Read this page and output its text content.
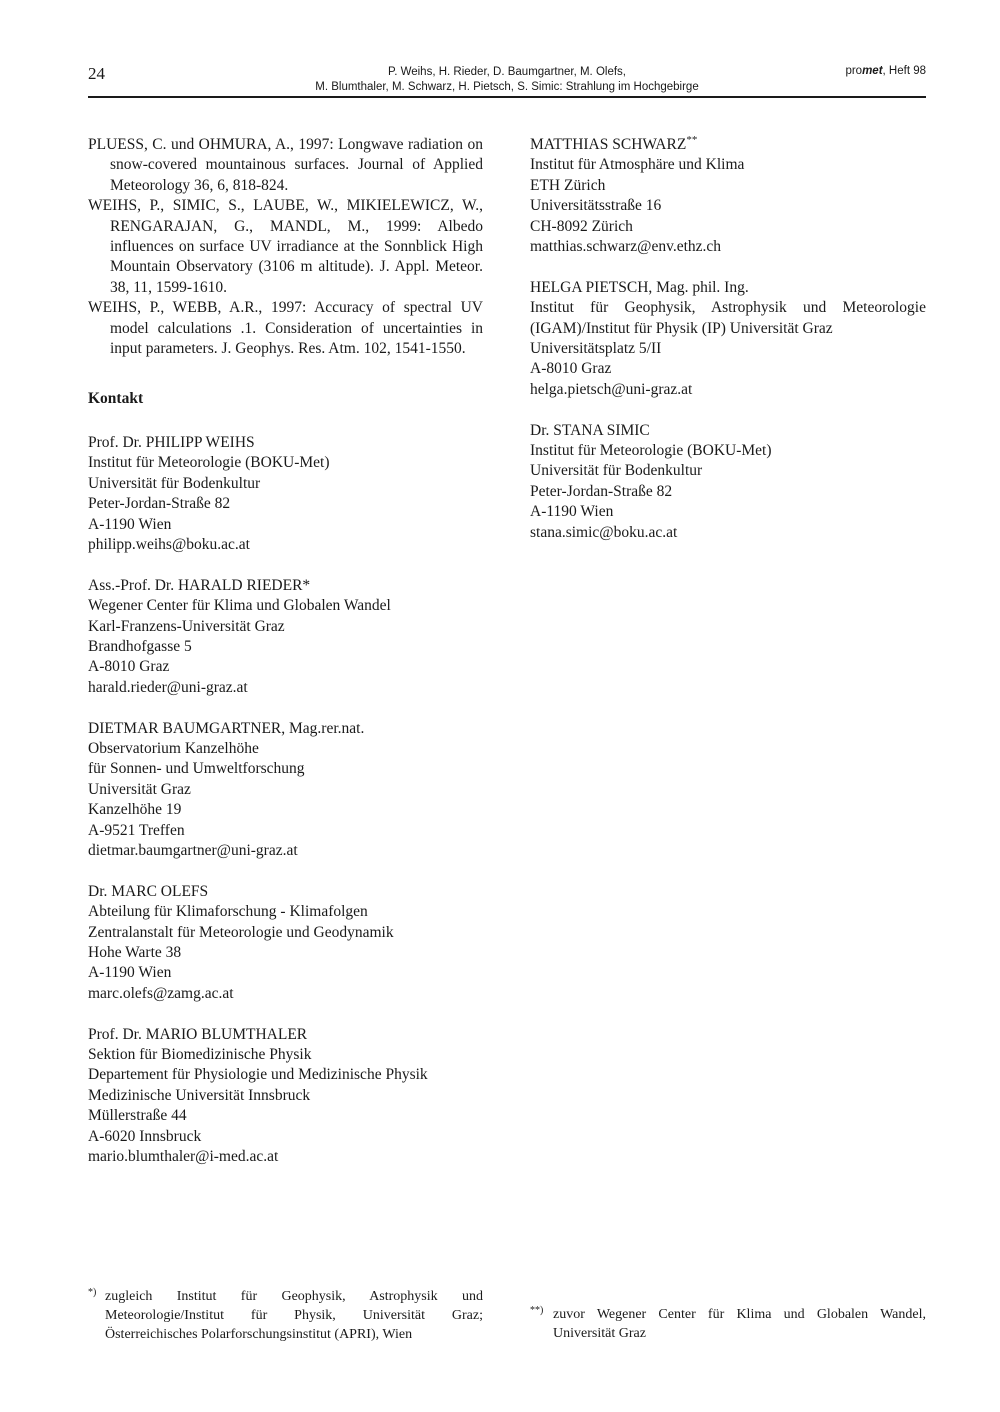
24	P. Weihs, H. Rieder, D. Baumgartner, M. Olefs,
M. Blumthaler, M. Schwarz, H. Pietsch, S. Simic: Strahlung im Hochgebirge
promet, Heft 98

PLUESS, C. und OHMURA, A., 1997: Longwave radiation on snow-covered mountainous surfaces. Journal of Applied Meteorology 36, 6, 818-824.

WEIHS, P., SIMIC, S., LAUBE, W., MIKIELEWICZ, W., RENGARAJAN, G., MANDL, M., 1999: Albedo influences on surface UV irradiance at the Sonnblick High Mountain Observatory (3106 m altitude). J. Appl. Meteor. 38, 11, 1599-1610.

WEIHS, P., WEBB, A.R., 1997: Accuracy of spectral UV model calculations .1. Consideration of uncertainties in input parameters. J. Geophys. Res. Atm. 102, 1541-1550.

Kontakt

Prof. Dr. PHILIPP WEIHS
Institut für Meteorologie (BOKU-Met)
Universität für Bodenkultur
Peter-Jordan-Straße 82
A-1190 Wien
philipp.weihs@boku.ac.at
Ass.-Prof. Dr. HARALD RIEDER*
Wegener Center für Klima und Globalen Wandel
Karl-Franzens-Universität Graz
Brandhofgasse 5
A-8010 Graz
harald.rieder@uni-graz.at
DIETMAR BAUMGARTNER, Mag.rer.nat.
Observatorium Kanzelhöhe
für Sonnen- und Umweltforschung
Universität Graz
Kanzelhöhe 19
A-9521 Treffen
dietmar.baumgartner@uni-graz.at
Dr. MARC OLEFS
Abteilung für Klimaforschung - Klimafolgen
Zentralanstalt für Meteorologie und Geodynamik
Hohe Warte 38
A-1190 Wien
marc.olefs@zamg.ac.at
Prof. Dr. MARIO BLUMTHALER
Sektion für Biomedizinische Physik
Departement für Physiologie und Medizinische Physik
Medizinische Universität Innsbruck
Müllerstraße 44
A-6020 Innsbruck
mario.blumthaler@i-med.ac.at
MATTHIAS SCHWARZ**
Institut für Atmosphäre und Klima
ETH Zürich
Universitätsstraße 16
CH-8092 Zürich
matthias.schwarz@env.ethz.ch
HELGA PIETSCH, Mag. phil. Ing.
Institut für Geophysik, Astrophysik und Meteorologie (IGAM)/Institut für Physik (IP) Universität Graz
Universitätsplatz 5/II
A-8010 Graz
helga.pietsch@uni-graz.at
Dr. STANA SIMIC
Institut für Meteorologie (BOKU-Met)
Universität für Bodenkultur
Peter-Jordan-Straße 82
A-1190 Wien
stana.simic@boku.ac.at
*) zugleich Institut für Geophysik, Astrophysik und Meteorologie/Institut für Physik, Universität Graz; Österreichisches Polarforschungsinstitut (APRI), Wien
**) zuvor Wegener Center für Klima und Globalen Wandel, Universität Graz
